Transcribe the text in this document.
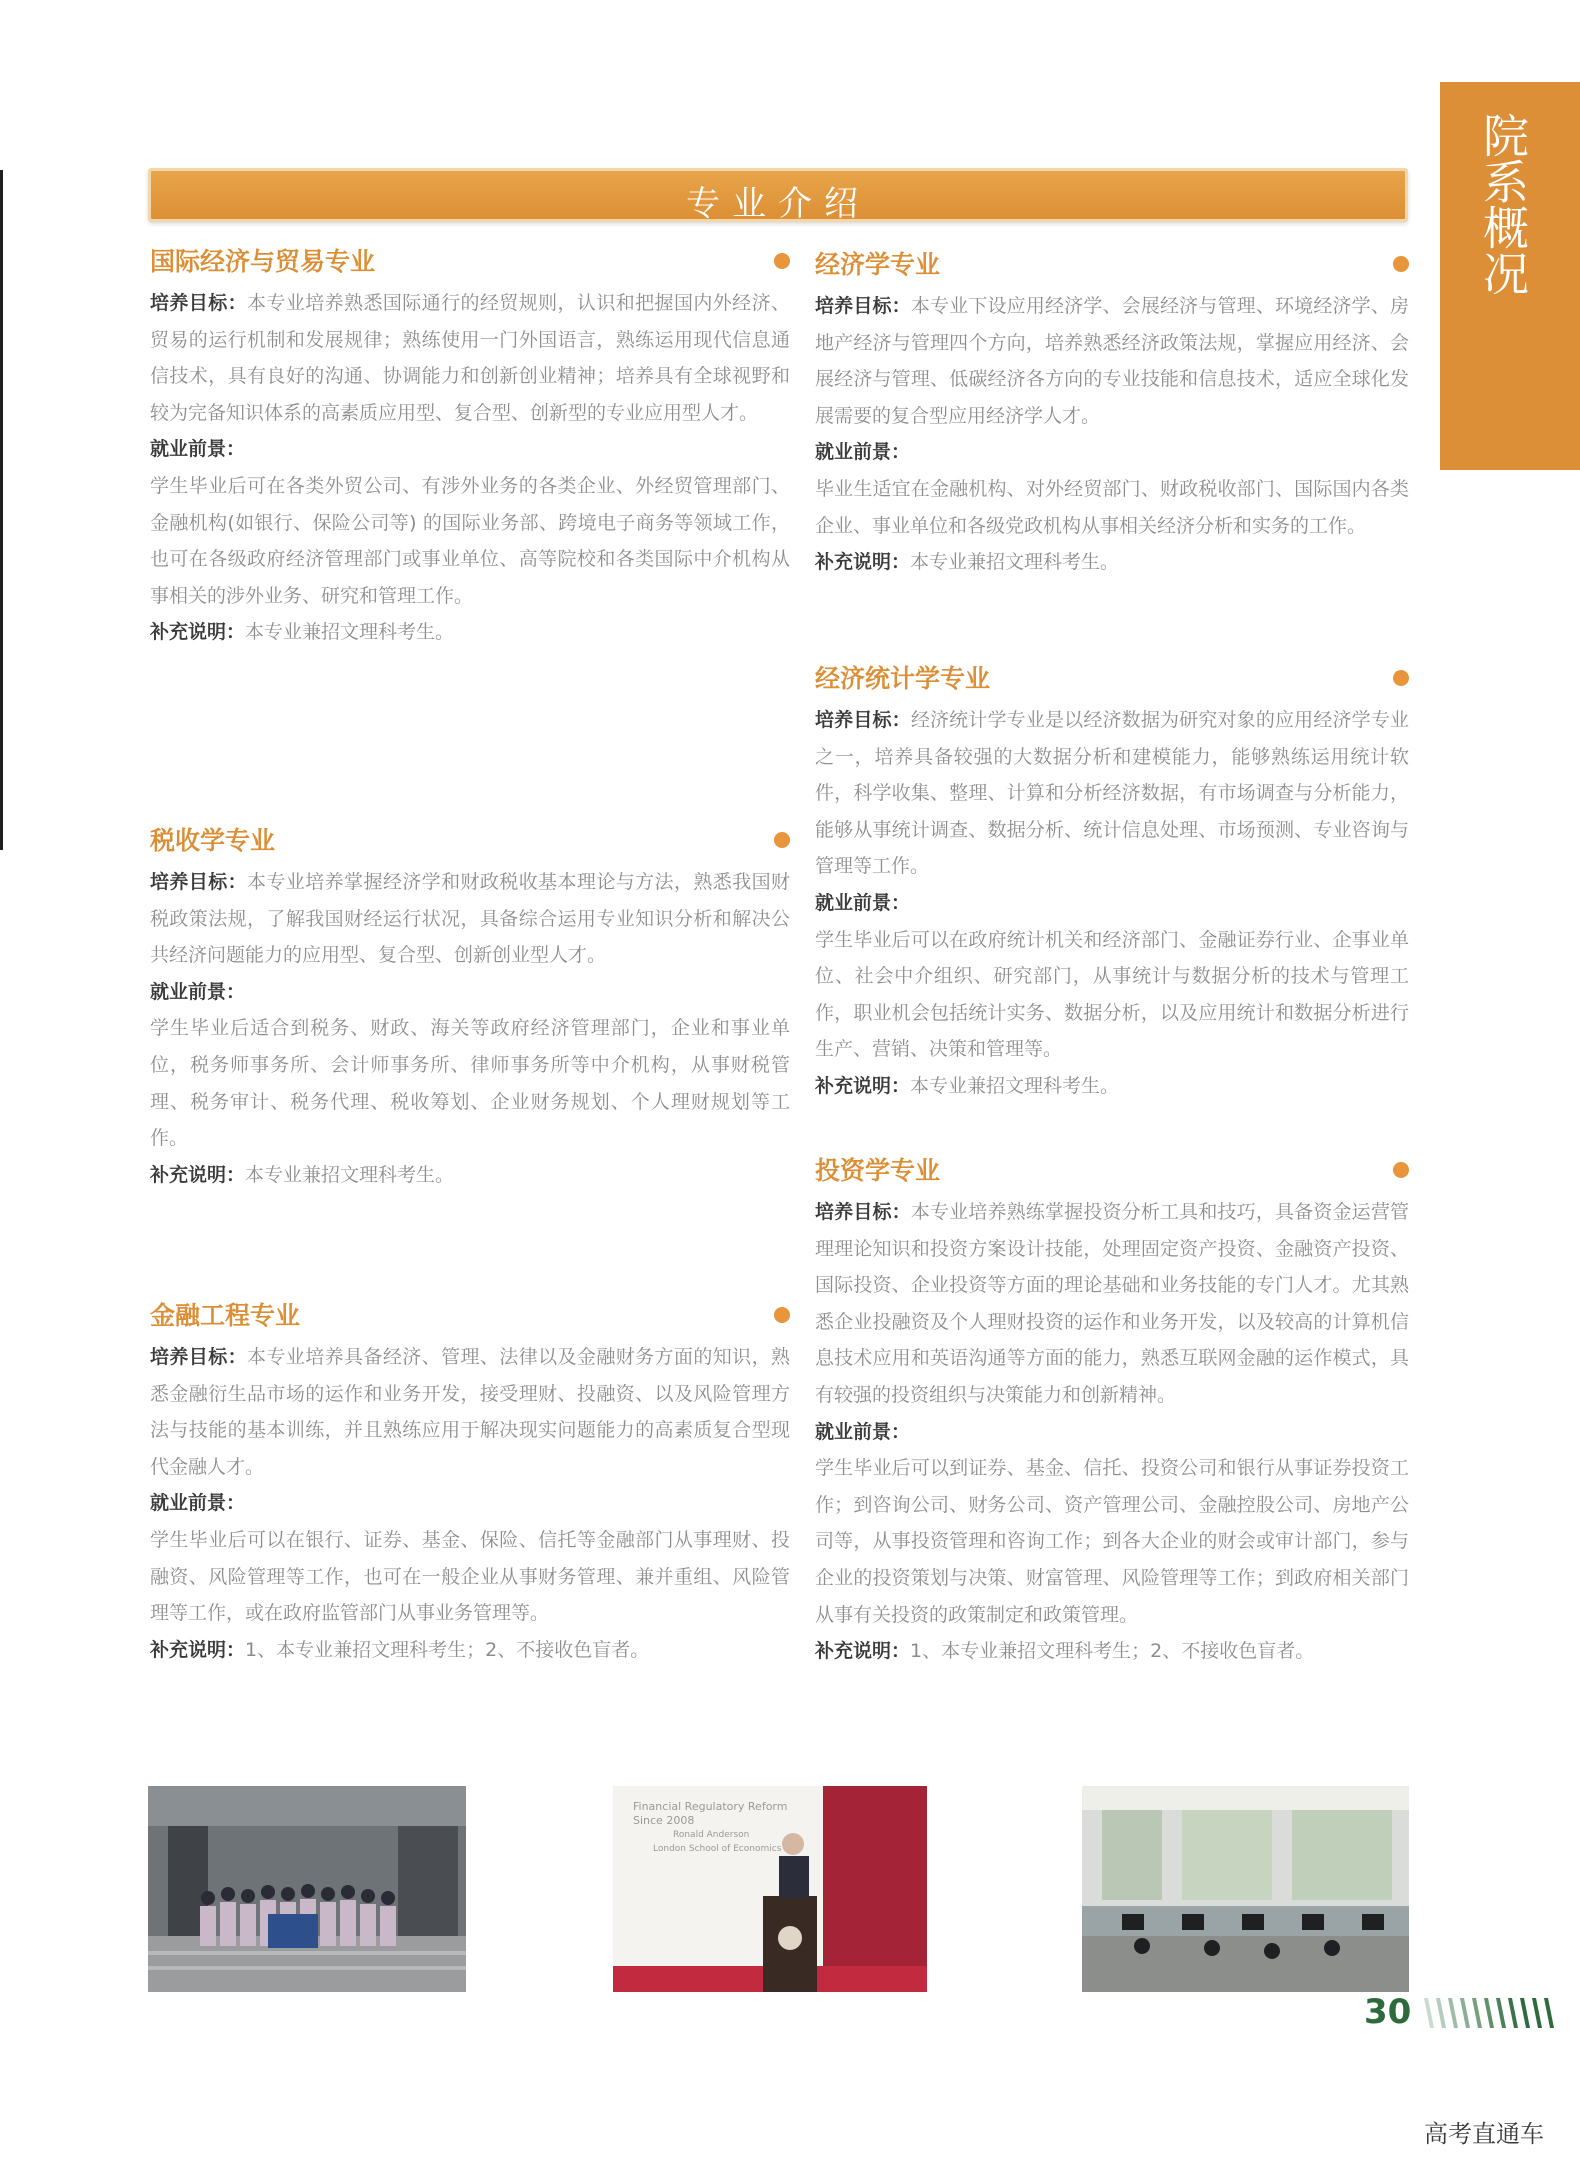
专业介绍	院系概况
国际经济与贸易专业

培养目标：本专业培养熟悉国际通行的经贸规则，认识和把握国内外经济、贸易的运行机制和发展规律；熟练使用一门外国语言，熟练运用现代信息通信技术，具有良好的沟通、协调能力和创新创业精神；培养具有全球视野和较为完备知识体系的高素质应用型、复合型、创新型的专业应用型人才。

就业前景：

学生毕业后可在各类外贸公司、有涉外业务的各类企业、外经贸管理部门、金融机构(如银行、保险公司等) 的国际业务部、跨境电子商务等领域工作，也可在各级政府经济管理部门或事业单位、高等院校和各类国际中介机构从事相关的涉外业务、研究和管理工作。

补充说明：本专业兼招文理科考生。

税收学专业

培养目标：本专业培养掌握经济学和财政税收基本理论与方法，熟悉我国财税政策法规，了解我国财经运行状况，具备综合运用专业知识分析和解决公共经济问题能力的应用型、复合型、创新创业型人才。

就业前景：

学生毕业后适合到税务、财政、海关等政府经济管理部门，企业和事业单位，税务师事务所、会计师事务所、律师事务所等中介机构，从事财税管理、税务审计、税务代理、税收筹划、企业财务规划、个人理财规划等工作。

补充说明：本专业兼招文理科考生。

金融工程专业

培养目标：本专业培养具备经济、管理、法律以及金融财务方面的知识，熟悉金融衍生品市场的运作和业务开发，接受理财、投融资、以及风险管理方法与技能的基本训练，并且熟练应用于解决现实问题能力的高素质复合型现代金融人才。

就业前景：

学生毕业后可以在银行、证券、基金、保险、信托等金融部门从事理财、投融资、风险管理等工作，也可在一般企业从事财务管理、兼并重组、风险管理等工作，或在政府监管部门从事业务管理等。

补充说明：1、本专业兼招文理科考生；2、不接收色盲者。

经济学专业

培养目标：本专业下设应用经济学、会展经济与管理、环境经济学、房地产经济与管理四个方向，培养熟悉经济政策法规，掌握应用经济、会展经济与管理、低碳经济各方向的专业技能和信息技术，适应全球化发展需要的复合型应用经济学人才。

就业前景：

毕业生适宜在金融机构、对外经贸部门、财政税收部门、国际国内各类企业、事业单位和各级党政机构从事相关经济分析和实务的工作。

补充说明：本专业兼招文理科考生。

经济统计学专业

培养目标：经济统计学专业是以经济数据为研究对象的应用经济学专业之一，培养具备较强的大数据分析和建模能力，能够熟练运用统计软件，科学收集、整理、计算和分析经济数据，有市场调查与分析能力，能够从事统计调查、数据分析、统计信息处理、市场预测、专业咨询与管理等工作。

就业前景：

学生毕业后可以在政府统计机关和经济部门、金融证券行业、企事业单位、社会中介组织、研究部门，从事统计与数据分析的技术与管理工作，职业机会包括统计实务、数据分析，以及应用统计和数据分析进行生产、营销、决策和管理等。

补充说明：本专业兼招文理科考生。

投资学专业

培养目标：本专业培养熟练掌握投资分析工具和技巧，具备资金运营管理理论知识和投资方案设计技能，处理固定资产投资、金融资产投资、国际投资、企业投资等方面的理论基础和业务技能的专门人才。尤其熟悉企业投融资及个人理财投资的运作和业务开发，以及较高的计算机信息技术应用和英语沟通等方面的能力，熟悉互联网金融的运作模式，具有较强的投资组织与决策能力和创新精神。

就业前景：

学生毕业后可以到证券、基金、信托、投资公司和银行从事证券投资工作；到咨询公司、财务公司、资产管理公司、金融控股公司、房地产公司等，从事投资管理和咨询工作；到各大企业的财会或审计部门，参与企业的投资策划与决策、财富管理、风险管理等工作；到政府相关部门从事有关投资的政策制定和政策管理。

补充说明：1、本专业兼招文理科考生；2、不接收色盲者。

Financial Regulatory Reform Since 2008
Ronald Anderson
London School of Economics
30
高考直通车
